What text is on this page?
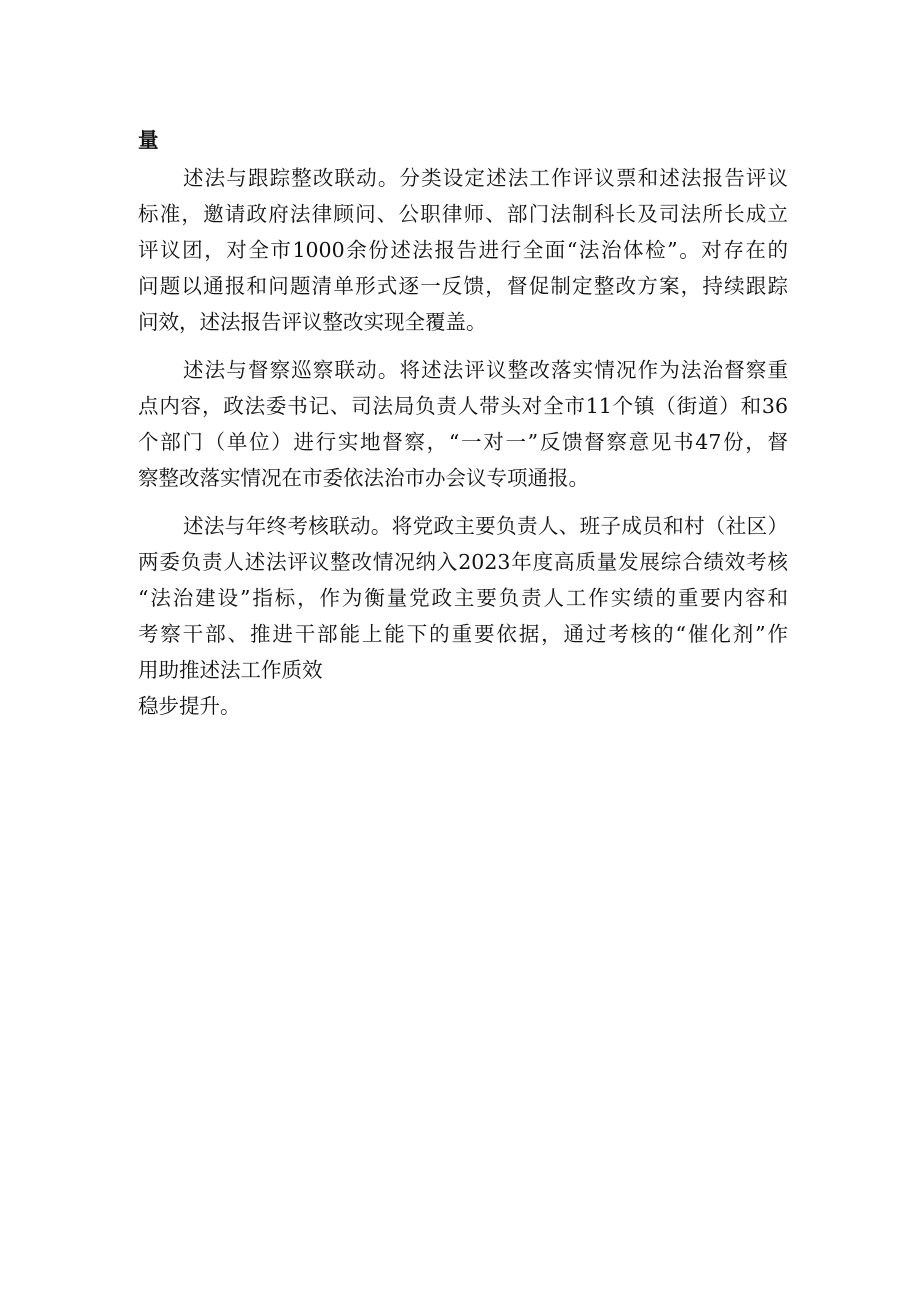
量
述法与跟踪整改联动。分类设定述法工作评议票和述法报告评议
标准，邀请政府法律顾问、公职律师、部门法制科长及司法所长成立
评议团，对全市1000余份述法报告进行全面“法治体检”。对存在的
问题以通报和问题清单形式逐一反馈，督促制定整改方案，持续跟踪
问效，述法报告评议整改实现全覆盖。
述法与督察巡察联动。将述法评议整改落实情况作为法治督察重
点内容，政法委书记、司法局负责人带头对全市11个镇（街道）和36
个部门（单位）进行实地督察，“一对一”反馈督察意见书47份，督
察整改落实情况在市委依法治市办会议专项通报。
述法与年终考核联动。将党政主要负责人、班子成员和村（社区）
两委负责人述法评议整改情况纳入2023年度高质量发展综合绩效考核
“法治建设”指标，作为衡量党政主要负责人工作实绩的重要内容和
考察干部、推进干部能上能下的重要依据，通过考核的“催化剂”作
用助推述法工作质效
稳步提升。
